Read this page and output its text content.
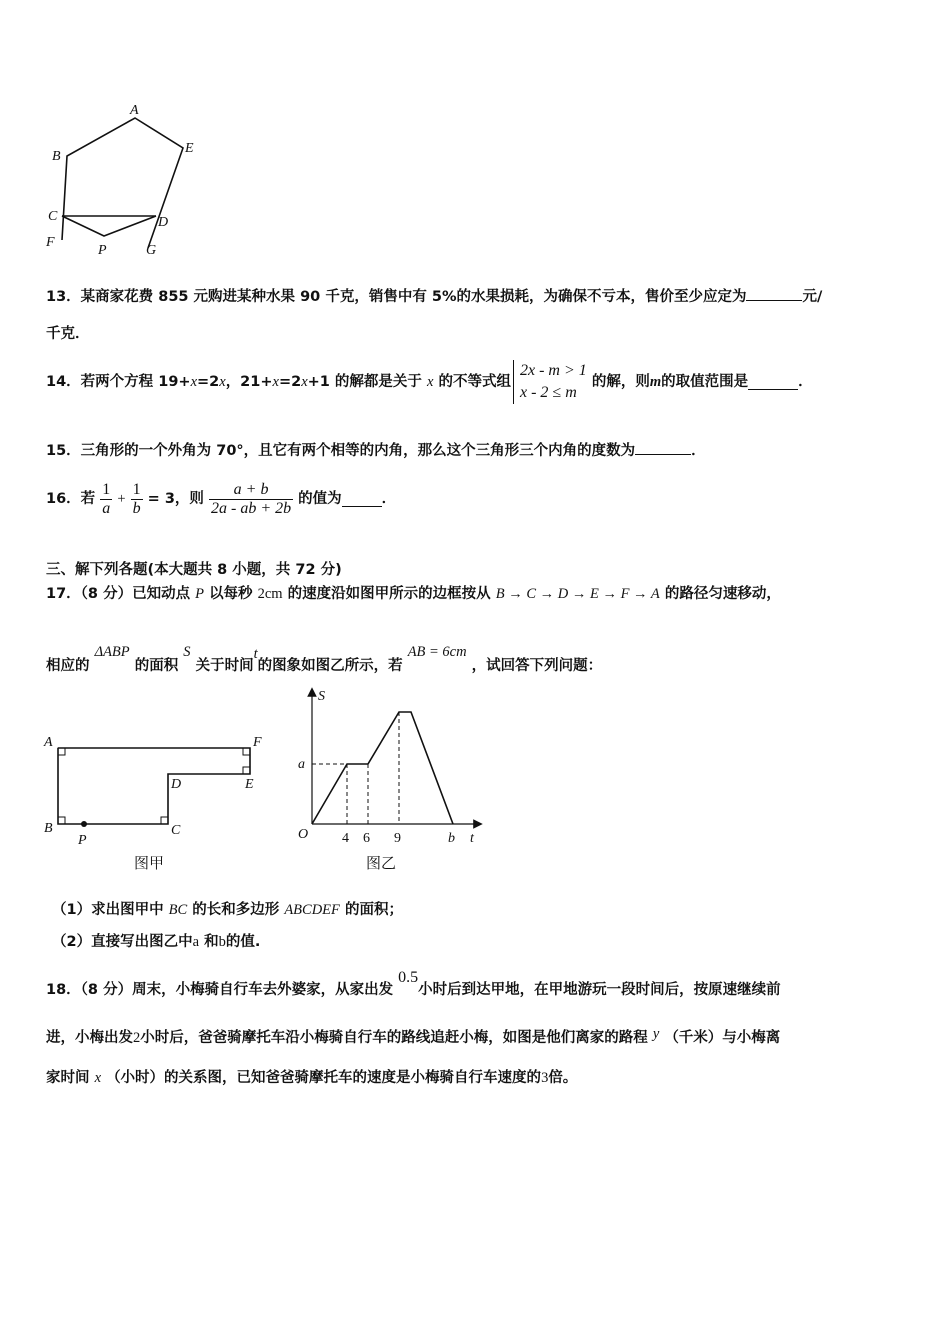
A
B
E
C	D
F
P	G
13．某商家花费 855 元购进某种水果 90 千克，销售中有 5%的水果损耗，为确保不亏本，售价至少应定为	元/
千克．
14．若两个方程 19+ x =2 x ，21+ x =2 x +1 的解都是关于
x
的不等式组
2x - m > 1
x - 2 ≤ m

的解，则 m 的取值范围是	．
15．三角形的一个外角为 70°，且它有两个相等的内角，那么这个三角形三个内角的度数为	．
16．若
$\frac{1}{a}$
+
$\frac{1}{b}$
= 3，则
$\frac{a + b}{2a - ab + 2b}$
的值为	．
三、解下列各题(本大题共 8 小题，共 72 分)
17．（8 分）已知动点 P 以每秒 2cm 的速度沿如图甲所示的边框按从 B → C → D → E → F → A 的路径匀速移动，
相应的

ΔABP

的面积

S

关于时间
t
的图象如图乙所示，若

AB = 6cm

，试回答下列问题：
A	F
D	E
B
P
C
图甲
S
a
O 4 6 9	b t
图乙
（1）求出图甲中 BC 的长和多边形 ABCDEF 的面积；
（2）直接写出图乙中a 和b的值.
18．（8 分）周末，小梅骑自行车去外婆家，从家出发

0.5
小时后到达甲地，在甲地游玩一段时间后，按原速继续前
进，小梅出发2小时后，爸爸骑摩托车沿小梅骑自行车的路线追赶小梅，如图是他们离家的路程 y （千米）与小梅离
家时间 x （小时）的关系图，已知爸爸骑摩托车的速度是小梅骑自行车速度的3倍。
